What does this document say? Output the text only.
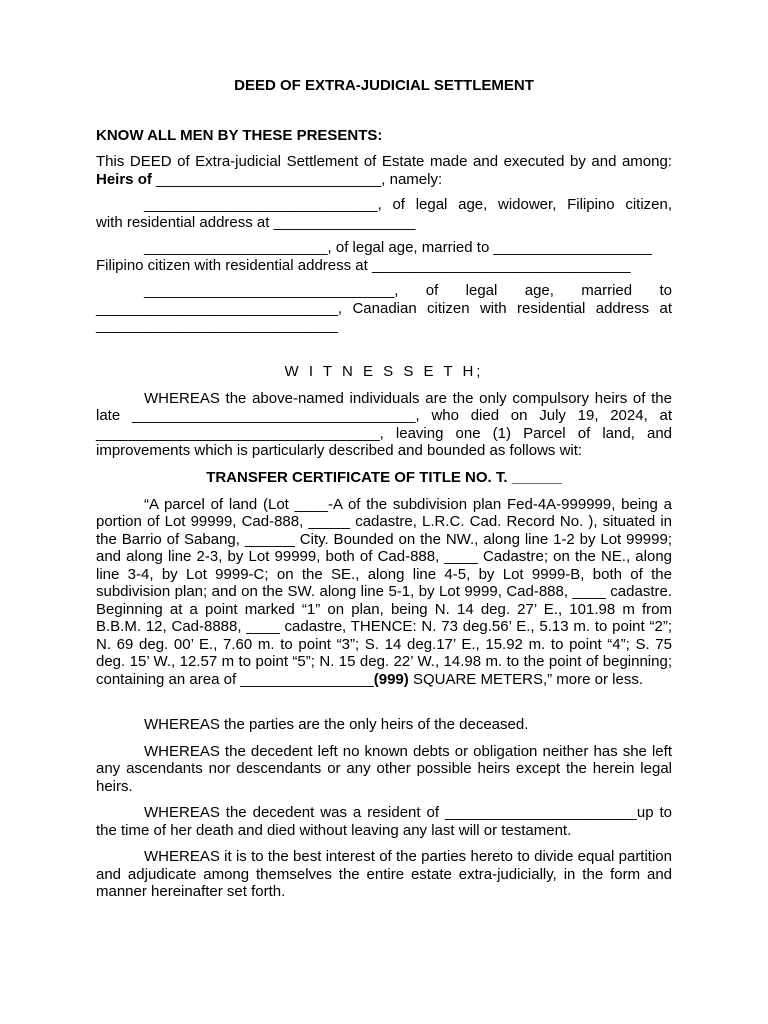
DEED OF EXTRA-JUDICIAL SETTLEMENT

KNOW ALL MEN BY THESE PRESENTS:

This DEED of Extra-judicial Settlement of Estate made and executed by and among: Heirs of ___________________________, namely:

____________________________, of legal age, widower, Filipino citizen,

with residential address at _________________

______________________, of legal age, married to ___________________

Filipino citizen with residential address at _______________________________

______________________________, of legal age, married to

_____________________________, Canadian citizen with residential address at

_____________________________

W I T N E S S E T H;

WHEREAS the above-named individuals are the only compulsory heirs of the late __________________________________, who died on July 19, 2024, at __________________________________, leaving one (1) Parcel of land, and improvements which is particularly described and bounded as follows wit:

TRANSFER CERTIFICATE OF TITLE NO. T. ______

“A parcel of land (Lot ____-A of the subdivision plan Fed-4A-999999, being a portion of Lot 99999, Cad-888, _____ cadastre, L.R.C. Cad. Record No. ), situated in the Barrio of Sabang, ______ City. Bounded on the NW., along line 1-2 by Lot 99999; and along line 2-3, by Lot 99999, both of Cad-888, ____ Cadastre; on the NE., along line 3-4, by Lot 9999-C; on the SE., along line 4-5, by Lot 9999-B, both of the subdivision plan; and on the SW. along line 5-1, by Lot 9999, Cad-888, ____ cadastre. Beginning at a point marked “1” on plan, being N. 14 deg. 27’ E., 101.98 m from B.B.M. 12, Cad-8888, ____ cadastre, THENCE: N. 73 deg.56’ E., 5.13 m. to point “2”; N. 69 deg. 00’ E., 7.60 m. to point “3”; S. 14 deg.17’ E., 15.92 m. to point “4”; S. 75 deg. 15’ W., 12.57 m to point “5”; N. 15 deg. 22’ W., 14.98 m. to the point of beginning; containing an area of ________________(999) SQUARE METERS,” more or less.

WHEREAS the parties are the only heirs of the deceased.

WHEREAS the decedent left no known debts or obligation neither has she left any ascendants nor descendants or any other possible heirs except the herein legal heirs.

WHEREAS the decedent was a resident of _______________________up to the time of her death and died without leaving any last will or testament.

WHEREAS it is to the best interest of the parties hereto to divide equal partition and adjudicate among themselves the entire estate extra-judicially, in the form and manner hereinafter set forth.
